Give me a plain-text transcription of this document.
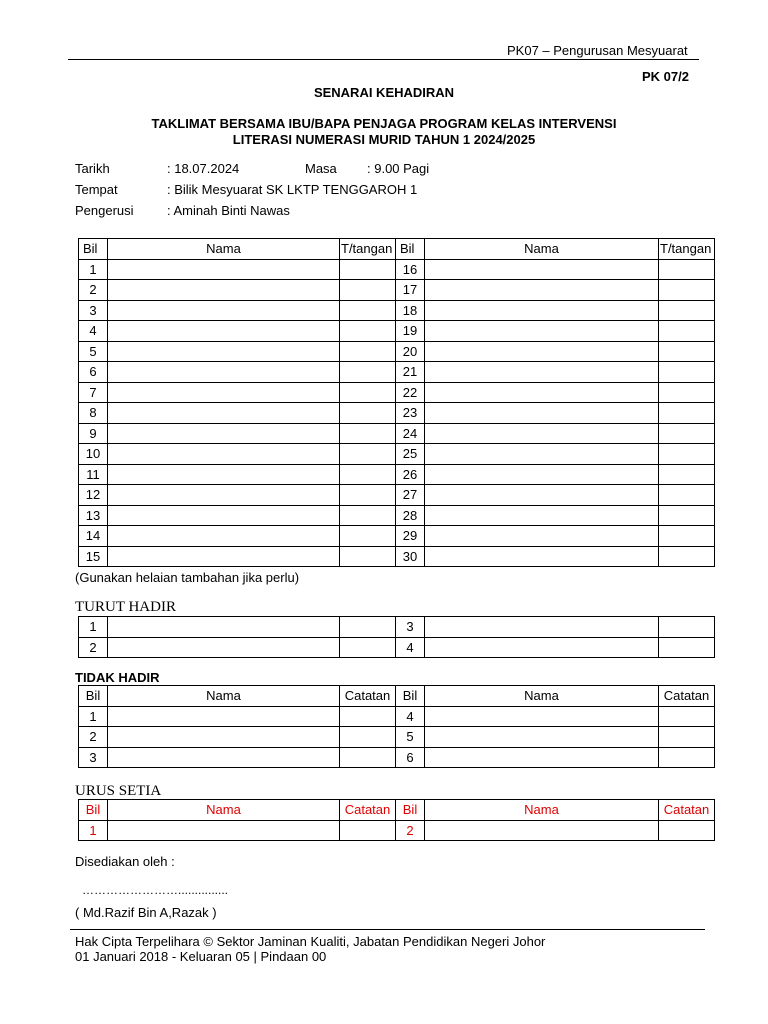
PK07 – Pengurusan Mesyuarat
PK 07/2
SENARAI KEHADIRAN
TAKLIMAT BERSAMA IBU/BAPA PENJAGA PROGRAM KELAS INTERVENSI
LITERASI NUMERASI MURID TAHUN 1 2024/2025
Tarikh	: 18.07.2024	Masa : 9.00 Pagi
Tempat	: Bilik Mesyuarat SK LKTP TENGGAROH 1
Pengerusi	: Aminah Binti Nawas
Bil	Nama	T/tangan	Bil	Nama	T/tangan
1			16		
2			17		
3			18		
4			19		
5			20		
6			21		
7			22		
8			23		
9			24		
10			25		
11			26		
12			27		
13			28		
14			29		
15			30		
(Gunakan helaian tambahan jika perlu)
TURUT HADIR
1			3		
2			4		
TIDAK HADIR
Bil	Nama	Catatan	Bil	Nama	Catatan
1			4		
2			5		
3			6		
URUS SETIA
Bil	Nama	Catatan	Bil	Nama	Catatan
1			2		
Disediakan oleh :
……………………...............
( Md.Razif Bin A,Razak )
Hak Cipta Terpelihara © Sektor Jaminan Kualiti, Jabatan Pendidikan Negeri Johor
01 Januari 2018 - Keluaran 05 | Pindaan 00
